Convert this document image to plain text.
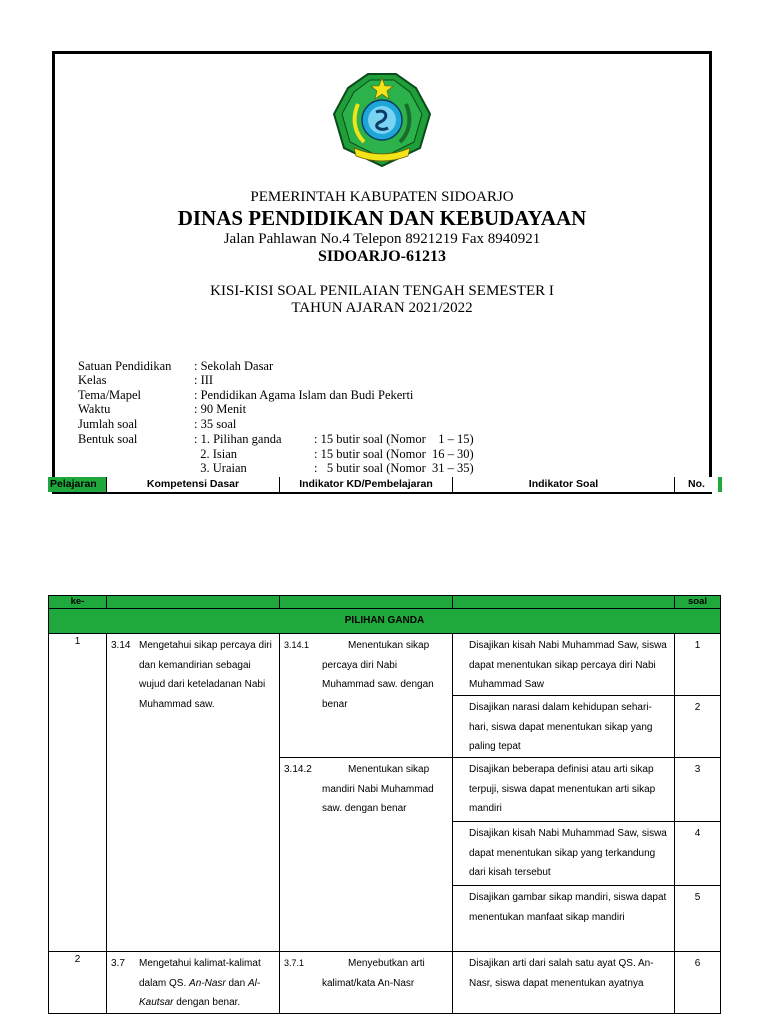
PEMERINTAH KABUPATEN SIDOARJO
DINAS PENDIDIKAN DAN KEBUDAYAAN
Jalan Pahlawan No.4 Telepon 8921219 Fax 8940921
SIDOARJO-61213
KISI-KISI SOAL PENILAIAN TENGAH SEMESTER I
TAHUN AJARAN 2021/2022
Satuan Pendidikan : Sekolah Dasar
Kelas	: III
Tema/Mapel	: Pendidikan Agama Islam dan Budi Pekerti
Waktu	: 90 Menit
Jumlah soal	: 35 soal
Bentuk soal	: 1. Pilihan ganda	: 15 butir soal (Nomor    1 – 15)
2. Isian	: 15 butir soal (Nomor  16 – 30)
3. Uraian	:   5 butir soal (Nomor  31 – 35)
Pelajaran	Kompetensi Dasar	Indikator KD/Pembelajaran	Indikator Soal	No.
ke-				soal
PILIHAN GANDA				
1	3.14 Mengetahui sikap percaya diri dan kemandirian sebagai wujud dari keteladanan Nabi Muhammad saw.	3.14.1 Menentukan sikap percaya diri Nabi Muhammad saw. dengan benar	Disajikan kisah Nabi Muhammad Saw, siswa dapat menentukan sikap percaya diri Nabi Muhammad Saw	1
			Disajikan narasi dalam kehidupan sehari-hari, siswa dapat menentukan sikap yang paling tepat	2
		3.14.2 Menentukan sikap mandiri Nabi Muhammad saw. dengan benar	Disajikan beberapa definisi atau arti sikap terpuji, siswa dapat menentukan arti sikap mandiri	3
			Disajikan kisah Nabi Muhammad Saw, siswa dapat menentukan sikap yang terkandung dari kisah tersebut	4
			Disajikan gambar sikap mandiri, siswa dapat menentukan manfaat sikap mandiri	5
2	3.7 Mengetahui kalimat-kalimat dalam QS. An-Nasr dan Al-Kautsar dengan benar.	3.7.1 Menyebutkan arti kalimat/kata An-Nasr	Disajikan arti dari salah satu ayat QS. An-Nasr, siswa dapat menentukan ayatnya	6
